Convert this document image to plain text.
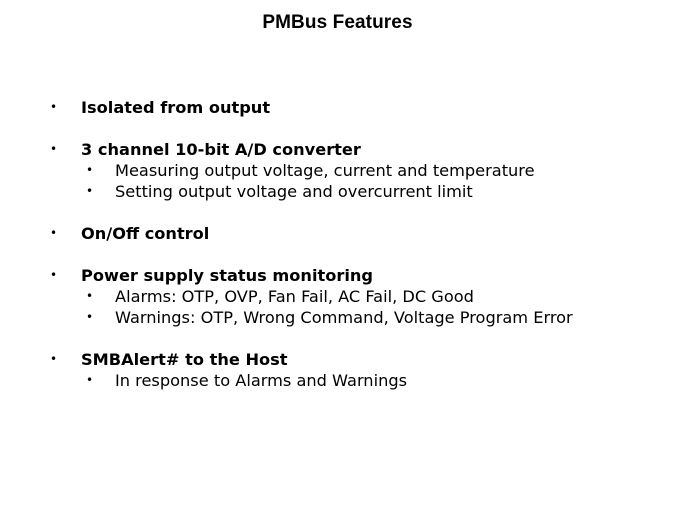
PMBus Features
• Isolated from output
• 3 channel 10-bit A/D converter
• Measuring output voltage, current and temperature
• Setting output voltage and overcurrent limit
• On/Off control
• Power supply status monitoring
• Alarms: OTP, OVP, Fan Fail, AC Fail, DC Good
• Warnings: OTP, Wrong Command, Voltage Program Error
• SMBAlert# to the Host
• In response to Alarms and Warnings
